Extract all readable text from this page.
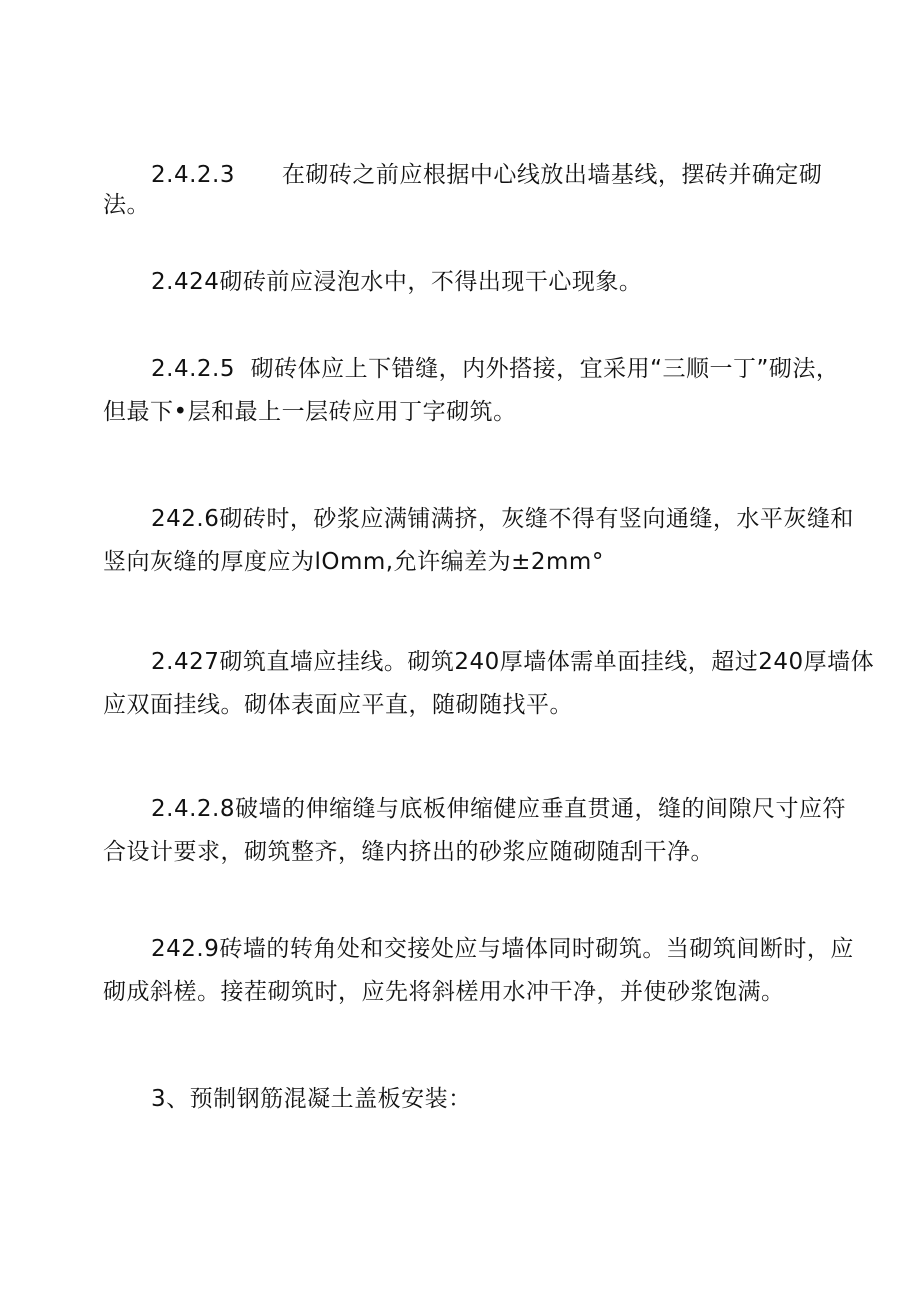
2.4.2.3      在砌砖之前应根据中心线放出墙基线，摆砖并确定砌
法。
2.424砌砖前应浸泡水中，不得出现干心现象。
2.4.2.5  砌砖体应上下错缝，内外搭接，宜采用“三顺一丁”砌法，
但最下•层和最上一层砖应用丁字砌筑。
242.6砌砖时，砂浆应满铺满挤，灰缝不得有竖向通缝，水平灰缝和
竖向灰缝的厚度应为lOmm,允许编差为±2mm°
2.427砌筑直墙应挂线。砌筑240厚墙体需单面挂线，超过240厚墙体
应双面挂线。砌体表面应平直，随砌随找平。
2.4.2.8破墙的伸缩缝与底板伸缩健应垂直贯通，缝的间隙尺寸应符
合设计要求，砌筑整齐，缝内挤出的砂浆应随砌随刮干净。
242.9砖墙的转角处和交接处应与墙体同时砌筑。当砌筑间断时，应
砌成斜槎。接茬砌筑时，应先将斜槎用水冲干净，并使砂浆饱满。
3、预制钢筋混凝土盖板安装：
